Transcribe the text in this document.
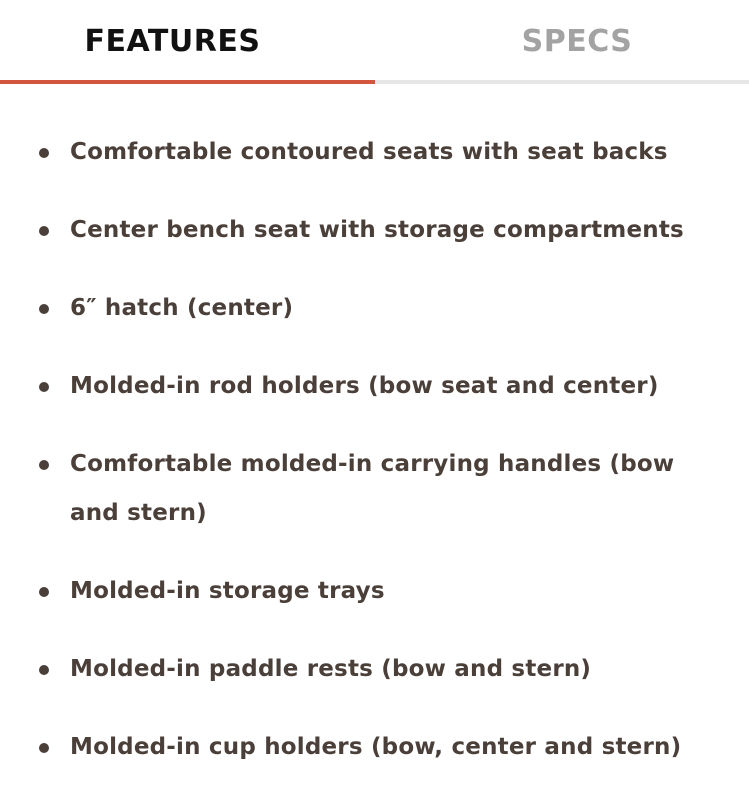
FEATURES	SPECS
Comfortable contoured seats with seat backs
Center bench seat with storage compartments
6″ hatch (center)
Molded-in rod holders (bow seat and center)
Comfortable molded-in carrying handles (bow and stern)
Molded-in storage trays
Molded-in paddle rests (bow and stern)
Molded-in cup holders (bow, center and stern)
